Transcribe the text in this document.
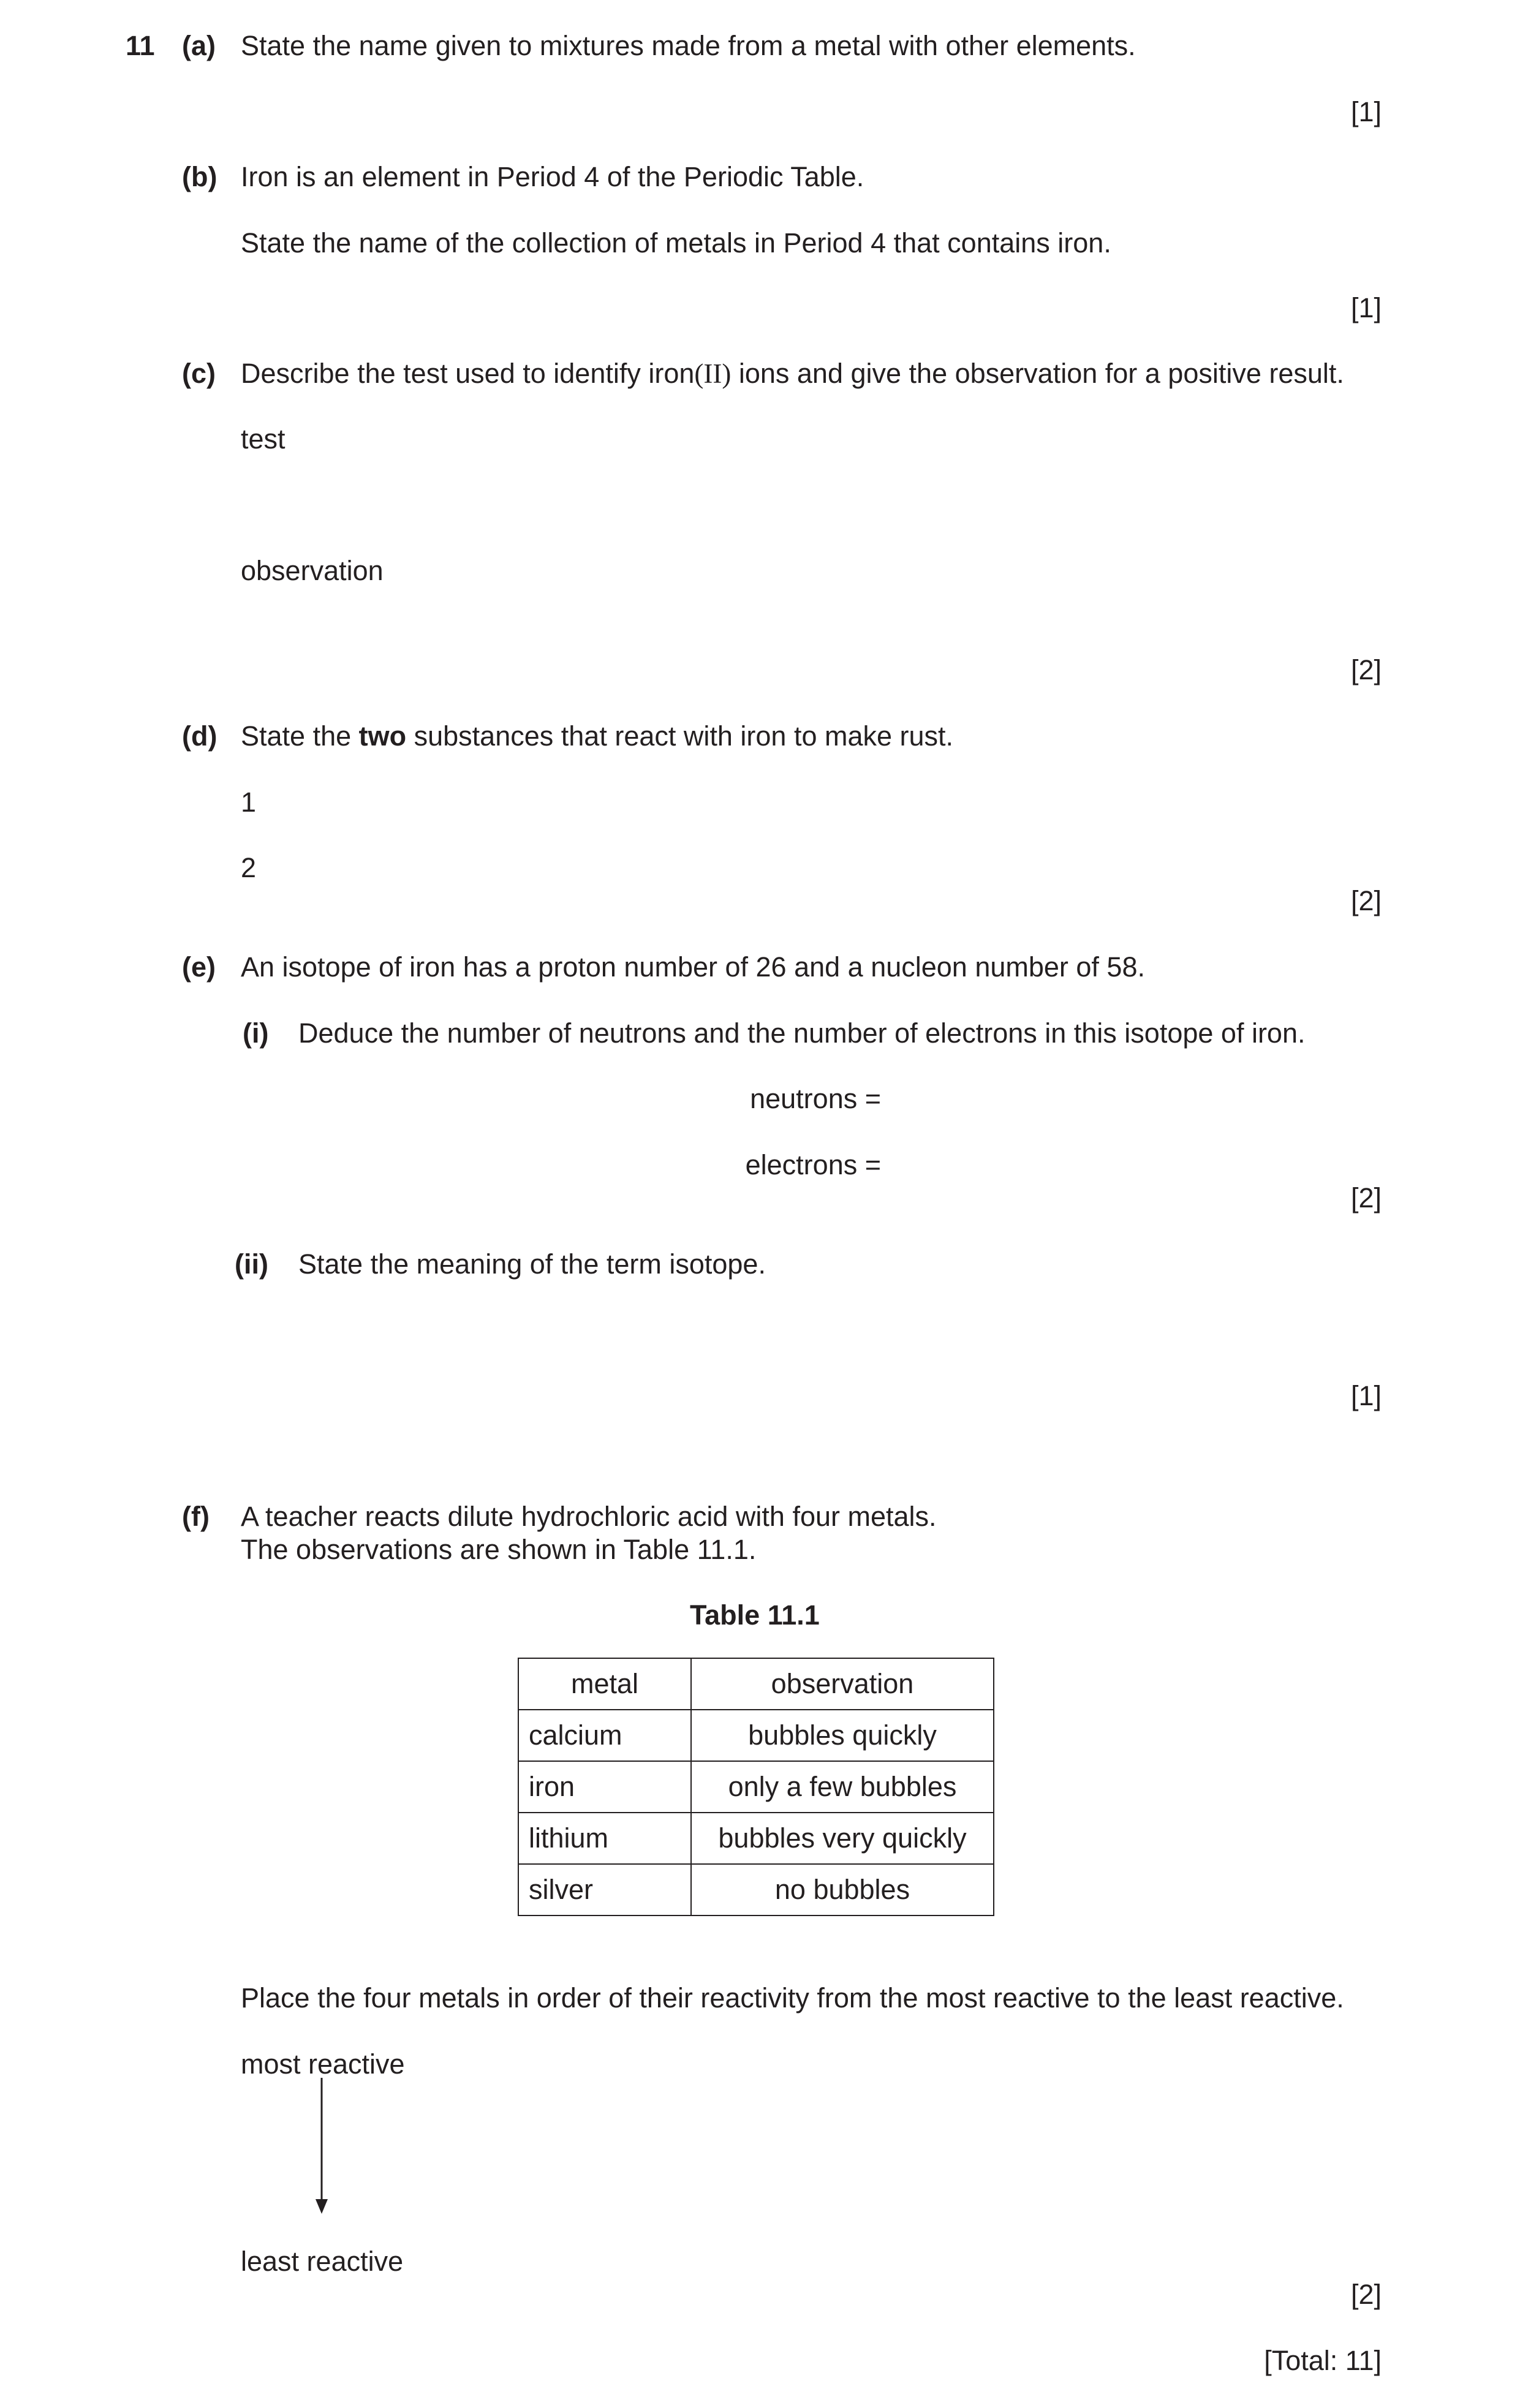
11 (a) State the name given to mixtures made from a metal with other elements.
[1]
(b) Iron is an element in Period 4 of the Periodic Table.
State the name of the collection of metals in Period 4 that contains iron.
[1]
(c) Describe the test used to identify iron(II) ions and give the observation for a positive result.
test
observation
[2]
(d) State the two substances that react with iron to make rust.
1
2
[2]
(e) An isotope of iron has a proton number of 26 and a nucleon number of 58.
(i) Deduce the number of neutrons and the number of electrons in this isotope of iron.
neutrons =
electrons =
[2]
(ii) State the meaning of the term isotope.
[1]
(f) A teacher reacts dilute hydrochloric acid with four metals.
The observations are shown in Table 11.1.
Table 11.1
metal	observation
calcium	bubbles quickly
iron	only a few bubbles
lithium	bubbles very quickly
silver	no bubbles
Place the four metals in order of their reactivity from the most reactive to the least reactive.
most reactive
least reactive
[2]
[Total: 11]
